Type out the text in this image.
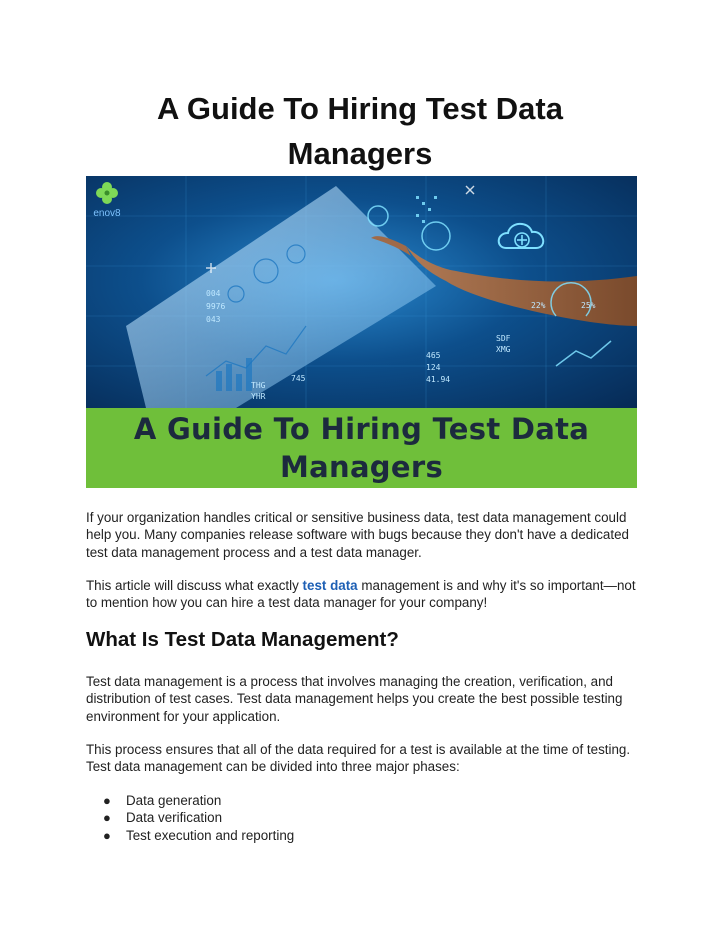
A Guide To Hiring Test Data Managers
004
9976
043
745
THG
YHR
465
124
41.94
SDF
XMG
25%
22%
enov8
A Guide To Hiring Test Data
Managers

If your organization handles critical or sensitive business data, test data management could help you. Many companies release software with bugs because they don't have a dedicated test data management process and a test data manager.

This article will discuss what exactly test data management is and why it's so important—not to mention how you can hire a test data manager for your company!

What Is Test Data Management?

Test data management is a process that involves managing the creation, verification, and distribution of test cases. Test data management helps you create the best possible testing environment for your application.

This process ensures that all of the data required for a test is available at the time of testing. Test data management can be divided into three major phases:

● Data generation
● Data verification
● Test execution and reporting
